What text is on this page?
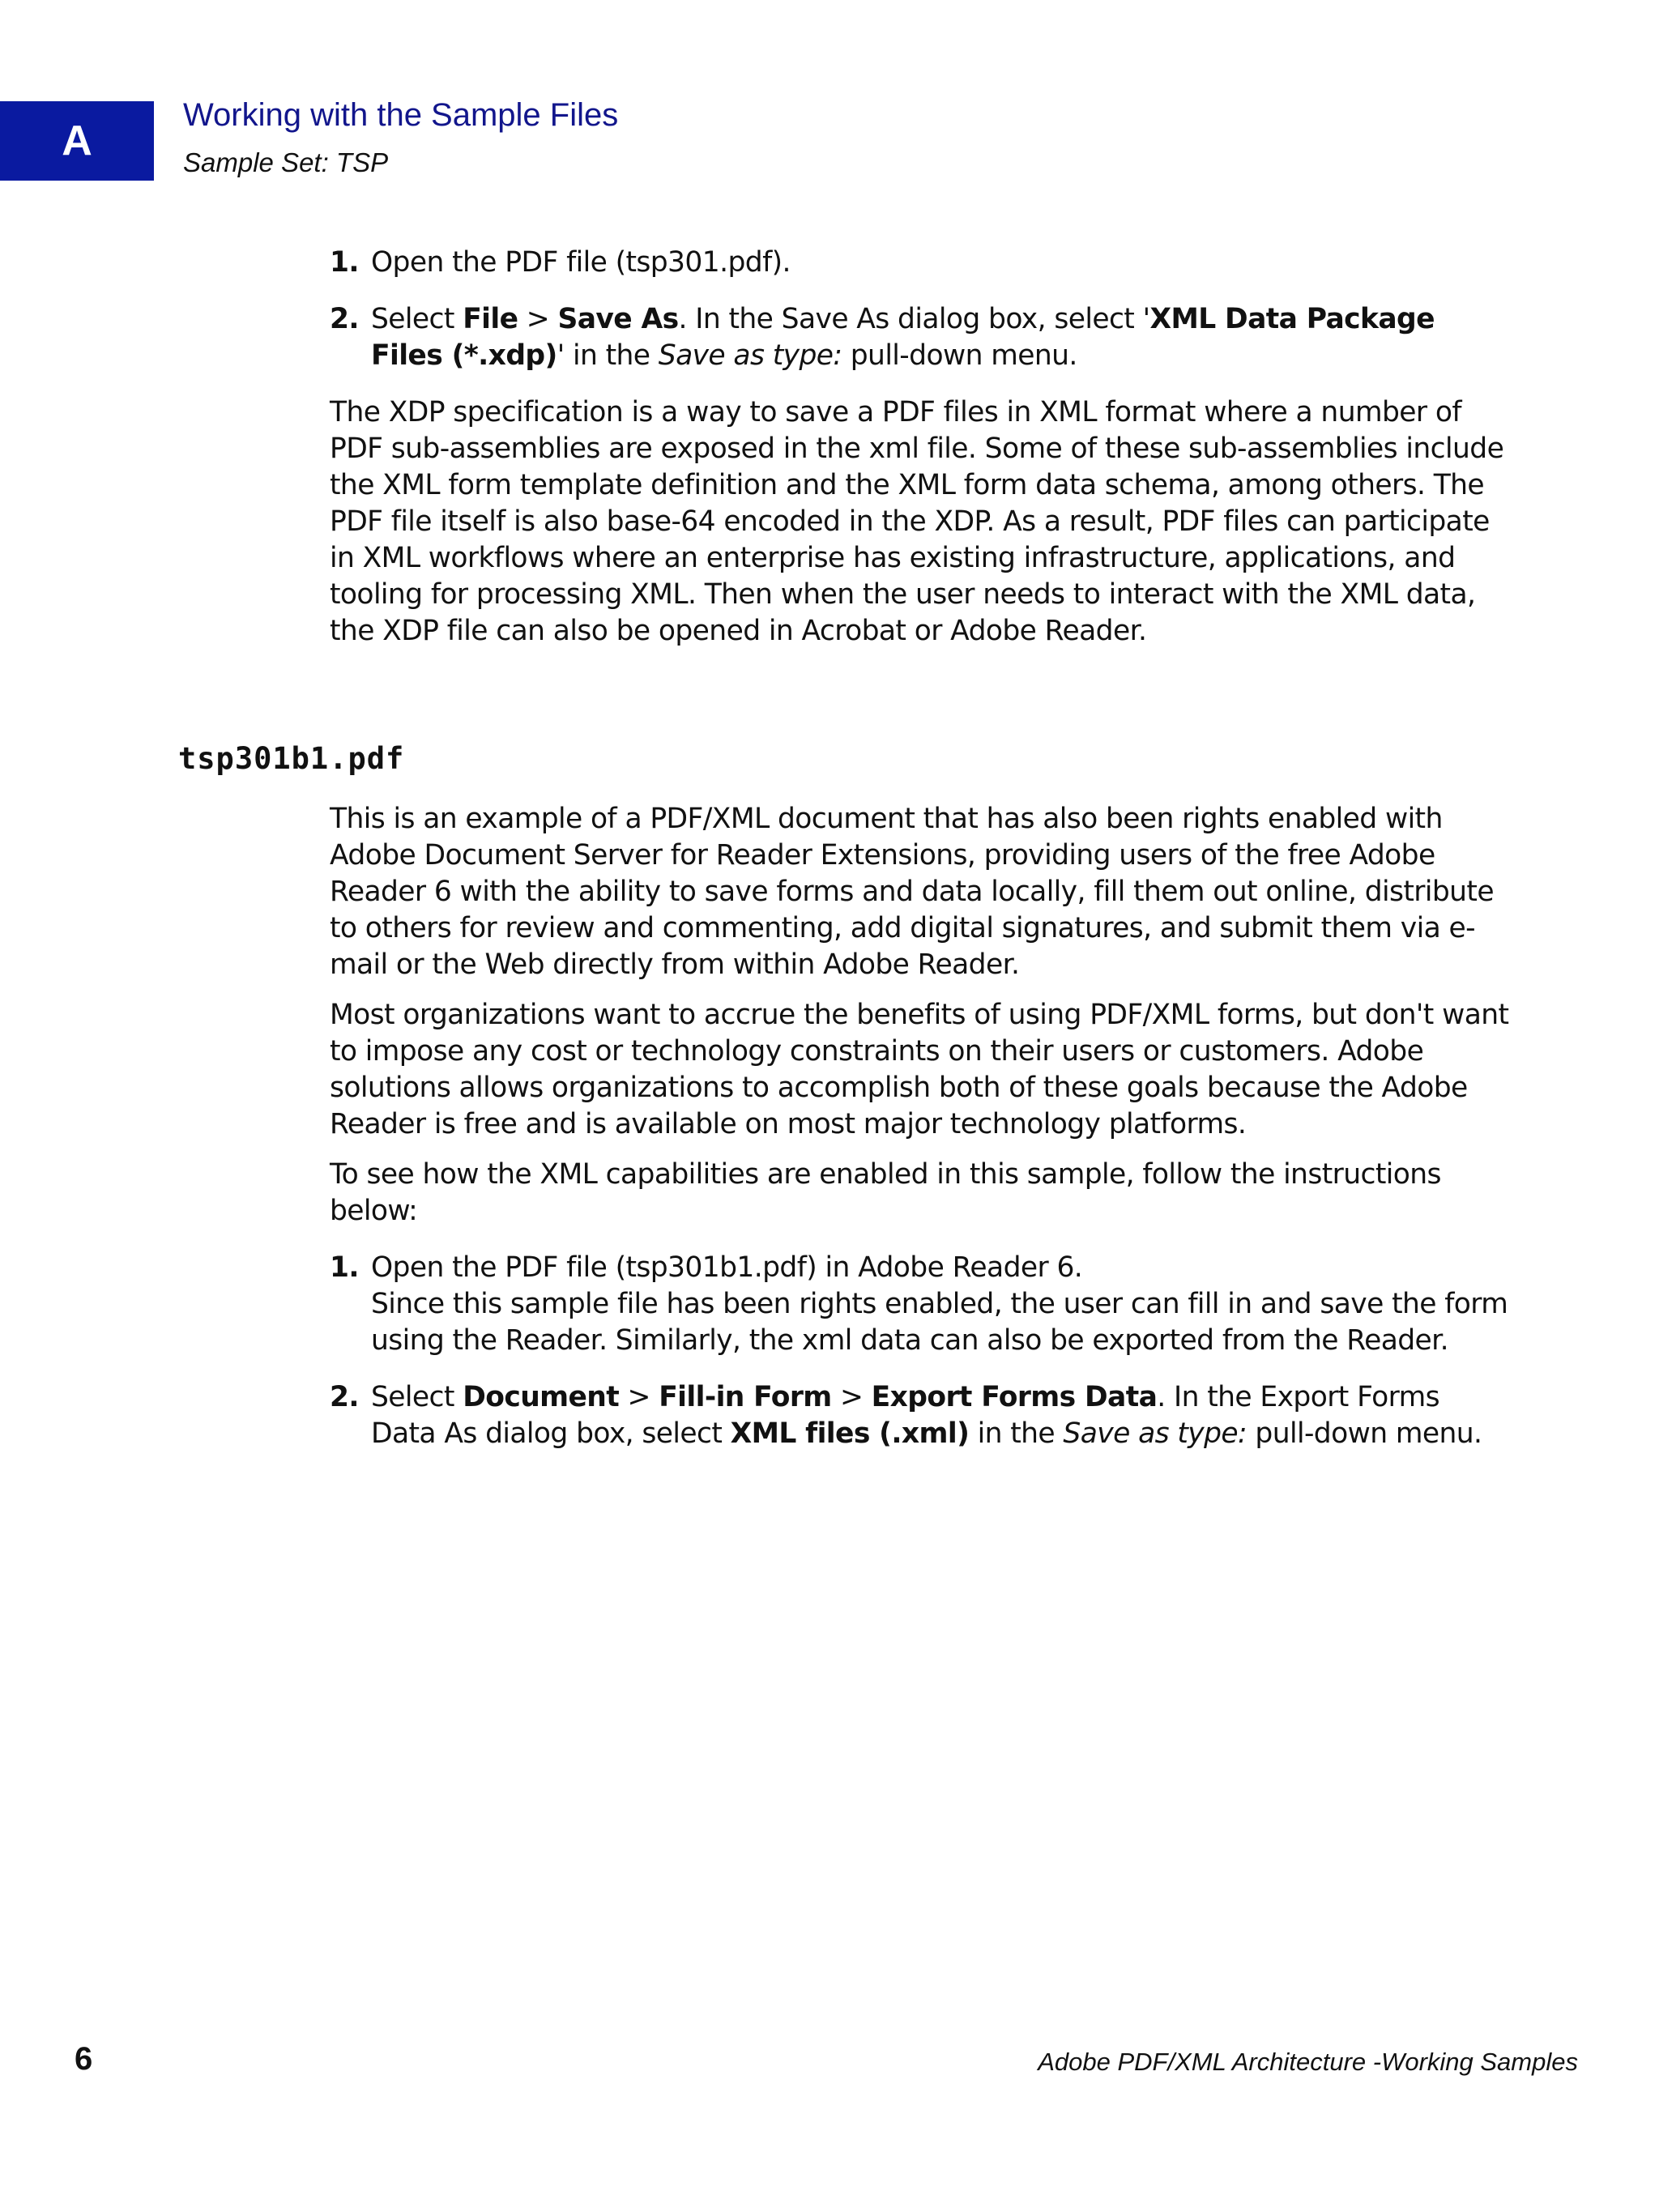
A
Working with the Sample Files
Sample Set: TSP
1. Open the PDF file (tsp301.pdf).
2. Select File > Save As. In the Save As dialog box, select 'XML Data Package Files (*.xdp)' in the Save as type: pull-down menu.

The XDP specification is a way to save a PDF files in XML format where a number of PDF sub-assemblies are exposed in the xml file. Some of these sub-assemblies include the XML form template definition and the XML form data schema, among others. The PDF file itself is also base-64 encoded in the XDP. As a result, PDF files can participate in XML workflows where an enterprise has existing infrastructure, applications, and tooling for processing XML. Then when the user needs to interact with the XML data, the XDP file can also be opened in Acrobat or Adobe Reader.

tsp301b1.pdf

This is an example of a PDF/XML document that has also been rights enabled with Adobe Document Server for Reader Extensions, providing users of the free Adobe Reader 6 with the ability to save forms and data locally, fill them out online, distribute to others for review and commenting, add digital signatures, and submit them via e-mail or the Web directly from within Adobe Reader.

Most organizations want to accrue the benefits of using PDF/XML forms, but don't want to impose any cost or technology constraints on their users or customers. Adobe solutions allows organizations to accomplish both of these goals because the Adobe Reader is free and is available on most major technology platforms.

To see how the XML capabilities are enabled in this sample, follow the instructions below:

1. Open the PDF file (tsp301b1.pdf) in Adobe Reader 6.
Since this sample file has been rights enabled, the user can fill in and save the form using the Reader. Similarly, the xml data can also be exported from the Reader.
2. Select Document > Fill-in Form > Export Forms Data. In the Export Forms Data As dialog box, select XML files (.xml) in the Save as type: pull-down menu.
6	Adobe PDF/XML Architecture -Working Samples
